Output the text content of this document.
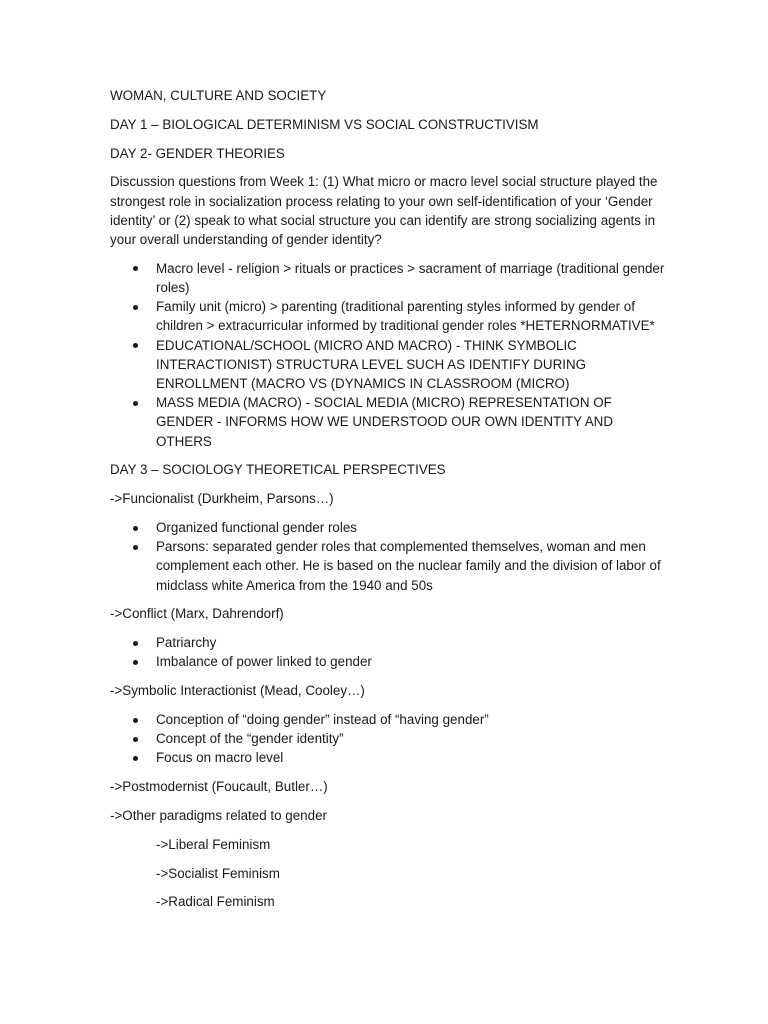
WOMAN, CULTURE AND SOCIETY

DAY 1 – BIOLOGICAL DETERMINISM VS SOCIAL CONSTRUCTIVISM

DAY 2- GENDER THEORIES

Discussion questions from Week 1: (1) What micro or macro level social structure played the strongest role in socialization process relating to your own self-identification of your ‘Gender identity’ or (2) speak to what social structure you can identify are strong socializing agents in your overall understanding of gender identity?

Macro level - religion > rituals or practices > sacrament of marriage (traditional gender roles)
Family unit (micro) > parenting (traditional parenting styles informed by gender of children > extracurricular informed by traditional gender roles *HETERNORMATIVE*
EDUCATIONAL/SCHOOL (MICRO AND MACRO) - THINK SYMBOLIC INTERACTIONIST) STRUCTURA LEVEL SUCH AS IDENTIFY DURING ENROLLMENT (MACRO VS (DYNAMICS IN CLASSROOM (MICRO)
MASS MEDIA (MACRO) - SOCIAL MEDIA (MICRO) REPRESENTATION OF GENDER - INFORMS HOW WE UNDERSTOOD OUR OWN IDENTITY AND OTHERS

DAY 3 – SOCIOLOGY THEORETICAL PERSPECTIVES

->Funcionalist (Durkheim, Parsons…)

Organized functional gender roles
Parsons: separated gender roles that complemented themselves, woman and men complement each other. He is based on the nuclear family and the division of labor of midclass white America from the 1940 and 50s

->Conflict (Marx, Dahrendorf)

Patriarchy
Imbalance of power linked to gender

->Symbolic Interactionist (Mead, Cooley…)

Conception of “doing gender” instead of “having gender”
Concept of the “gender identity”
Focus on macro level

->Postmodernist (Foucault, Butler…)

->Other paradigms related to gender

->Liberal Feminism

->Socialist Feminism

->Radical Feminism
